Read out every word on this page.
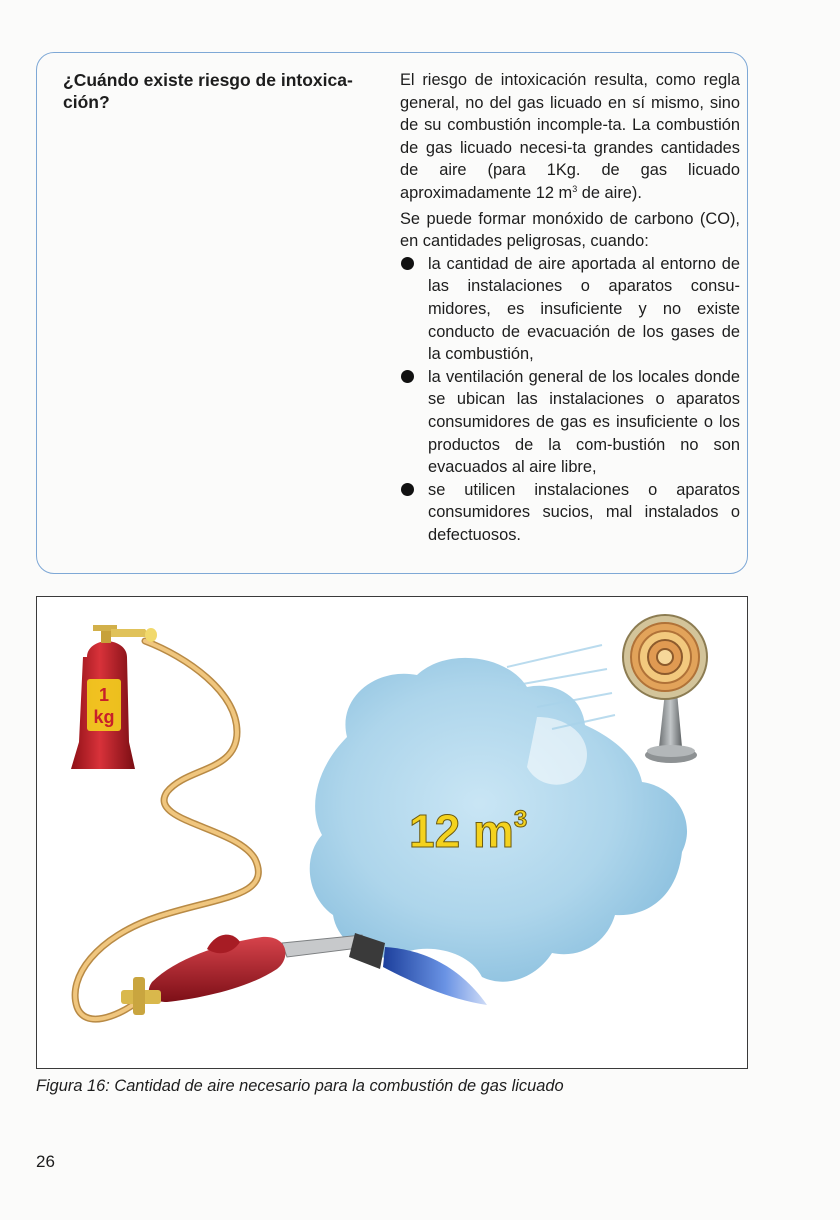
¿Cuándo existe riesgo de intoxica-ción?

El riesgo de intoxicación resulta, como regla general, no del gas licuado en sí mismo, sino de su combustión incomple-ta. La combustión de gas licuado necesi-ta grandes cantidades de aire (para 1Kg. de gas licuado aproximadamente 12 $m^3$ de aire).

Se puede formar monóxido de carbono (CO), en cantidades peligrosas, cuando:

la cantidad de aire aportada al entorno de las instalaciones o aparatos consu-midores, es insuficiente y no existe conducto de evacuación de los gases de la combustión,
la ventilación general de los locales donde se ubican las instalaciones o aparatos consumidores de gas es insuficiente o los productos de la com-bustión no son evacuados al aire libre,
se utilicen instalaciones o aparatos consumidores sucios, mal instalados o defectuosos.
1
kg
12 $m^3$
Figura 16: Cantidad de aire necesario para la combustión de gas licuado
26
